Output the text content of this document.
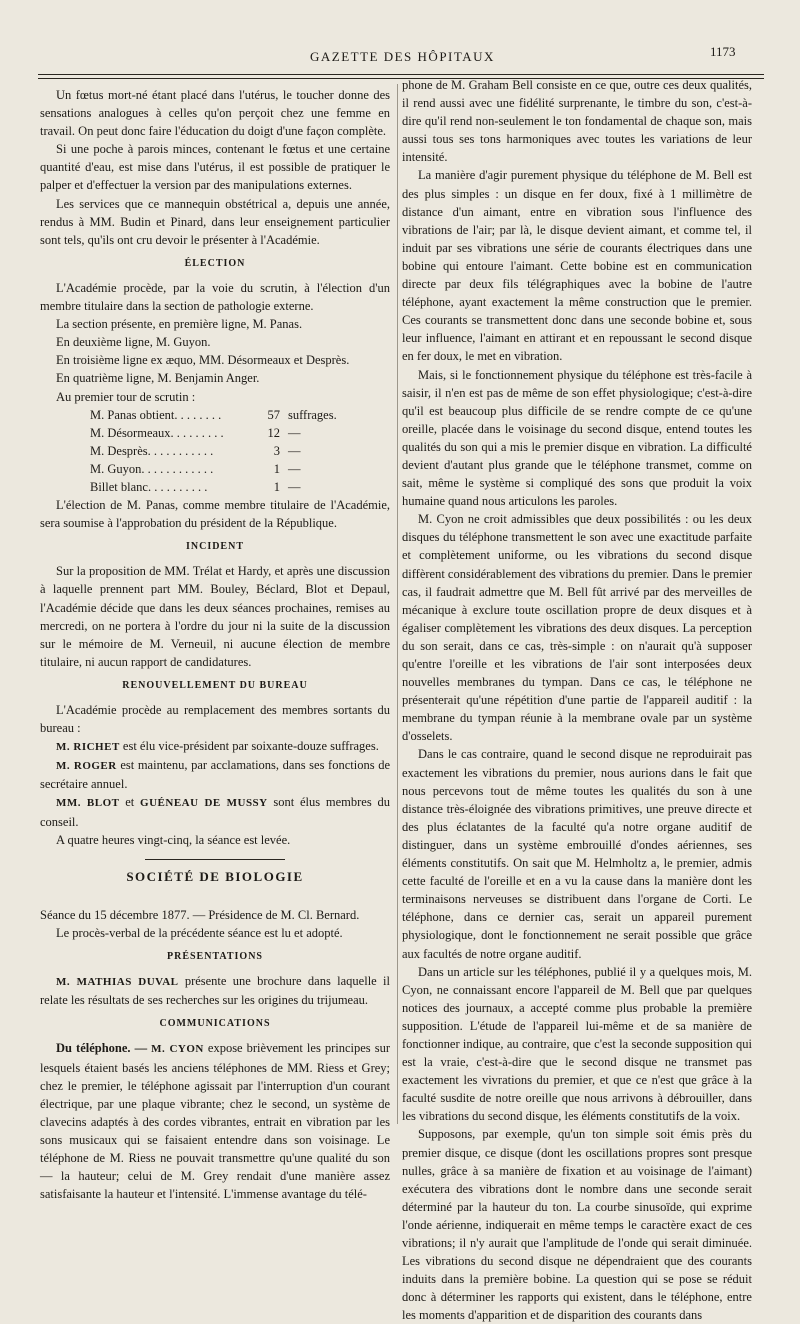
GAZETTE DES HÔPITAUX	1173

Un fœtus mort-né étant placé dans l'utérus, le toucher donne des sensations analogues à celles qu'on perçoit chez une femme en travail. On peut donc faire l'éducation du doigt d'une façon complète.

Si une poche à parois minces, contenant le fœtus et une certaine quantité d'eau, est mise dans l'utérus, il est possible de pratiquer le palper et d'effectuer la version par des manipulations externes.

Les services que ce mannequin obstétrical a, depuis une année, rendus à MM. Budin et Pinard, dans leur enseignement particulier sont tels, qu'ils ont cru devoir le présenter à l'Académie.

ÉLECTION

L'Académie procède, par la voie du scrutin, à l'élection d'un membre titulaire dans la section de pathologie externe.

La section présente, en première ligne, M. Panas.

En deuxième ligne, M. Guyon.

En troisième ligne ex æquo, MM. Désormeaux et Desprès.

En quatrième ligne, M. Benjamin Anger.

Au premier tour de scrutin :

M. Panas obtient. . . . . . . .	57 suffrages.
M. Désormeaux. . . . . . . . .	12 —
M. Desprès. . . . . . . . . . .	3 —
M. Guyon. . . . . . . . . . . .	1 —
Billet blanc. . . . . . . . . .	1 —

L'élection de M. Panas, comme membre titulaire de l'Académie, sera soumise à l'approbation du président de la République.

INCIDENT

Sur la proposition de MM. Trélat et Hardy, et après une discussion à laquelle prennent part MM. Bouley, Béclard, Blot et Depaul, l'Académie décide que dans les deux séances prochaines, remises au mercredi, on ne portera à l'ordre du jour ni la suite de la discussion sur le mémoire de M. Verneuil, ni aucune élection de membre titulaire, ni aucun rapport de candidatures.

RENOUVELLEMENT DU BUREAU

L'Académie procède au remplacement des membres sortants du bureau :

M. RICHET est élu vice-président par soixante-douze suffrages.

M. ROGER est maintenu, par acclamations, dans ses fonctions de secrétaire annuel.

MM. BLOT et GUÉNEAU DE MUSSY sont élus membres du conseil.

A quatre heures vingt-cinq, la séance est levée.

SOCIÉTÉ DE BIOLOGIE

Séance du 15 décembre 1877. — Présidence de M. Cl. Bernard.

Le procès-verbal de la précédente séance est lu et adopté.

PRÉSENTATIONS

M. MATHIAS DUVAL présente une brochure dans laquelle il relate les résultats de ses recherches sur les origines du trijumeau.

COMMUNICATIONS

Du téléphone. — M. CYON expose brièvement les principes sur lesquels étaient basés les anciens téléphones de MM. Riess et Grey; chez le premier, le téléphone agissait par l'interruption d'un courant électrique, par une plaque vibrante; chez le second, un système de clavecins adaptés à des cordes vibrantes, entrait en vibration par les sons musicaux qui se faisaient entendre dans son voisinage. Le téléphone de M. Riess ne pouvait transmettre qu'une qualité du son — la hauteur; celui de M. Grey rendait d'une manière assez satisfaisante la hauteur et l'intensité. L'immense avantage du télé-

phone de M. Graham Bell consiste en ce que, outre ces deux qualités, il rend aussi avec une fidélité surprenante, le timbre du son, c'est-à-dire qu'il rend non-seulement le ton fondamental de chaque son, mais aussi tous ses tons harmoniques avec toutes les variations de leur intensité.

La manière d'agir purement physique du téléphone de M. Bell est des plus simples : un disque en fer doux, fixé à 1 millimètre de distance d'un aimant, entre en vibration sous l'influence des vibrations de l'air; par là, le disque devient aimant, et comme tel, il induit par ses vibrations une série de courants électriques dans une bobine qui entoure l'aimant. Cette bobine est en communication directe par deux fils télégraphiques avec la bobine de l'autre téléphone, ayant exactement la même construction que le premier. Ces courants se transmettent donc dans une seconde bobine et, sous leur influence, l'aimant en attirant et en repoussant le second disque en fer doux, le met en vibration.

Mais, si le fonctionnement physique du téléphone est très-facile à saisir, il n'en est pas de même de son effet physiologique; c'est-à-dire qu'il est beaucoup plus difficile de se rendre compte de ce qu'une oreille, placée dans le voisinage du second disque, entend toutes les qualités du son qui a mis le premier disque en vibration. La difficulté devient d'autant plus grande que le téléphone transmet, comme on sait, même le système si compliqué des sons que produit la voix humaine quand nous articulons les paroles.

M. Cyon ne croit admissibles que deux possibilités : ou les deux disques du téléphone transmettent le son avec une exactitude parfaite et complètement uniforme, ou les vibrations du second disque diffèrent considérablement des vibrations du premier. Dans le premier cas, il faudrait admettre que M. Bell fût arrivé par des merveilles de mécanique à exclure toute oscillation propre de deux disques et à égaliser complètement les vibrations des deux disques. La perception du son serait, dans ce cas, très-simple : on n'aurait qu'à supposer qu'entre l'oreille et les vibrations de l'air sont interposées deux nouvelles membranes du tympan. Dans ce cas, le téléphone ne présenterait qu'une répétition d'une partie de l'appareil auditif : la membrane du tympan réunie à la membrane ovale par un système d'osselets.

Dans le cas contraire, quand le second disque ne reproduirait pas exactement les vibrations du premier, nous aurions dans le fait que nous percevons tout de même toutes les qualités du son à une distance très-éloignée des vibrations primitives, une preuve directe et des plus éclatantes de la faculté qu'a notre organe auditif de distinguer, dans un système embrouillé d'ondes aériennes, ses éléments constitutifs. On sait que M. Helmholtz a, le premier, admis cette faculté de l'oreille et en a vu la cause dans la manière dont les terminaisons nerveuses se distribuent dans l'organe de Corti. Le téléphone, dans ce dernier cas, serait un appareil purement physiologique, dont le fonctionnement ne serait possible que grâce aux facultés de notre organe auditif.

Dans un article sur les téléphones, publié il y a quelques mois, M. Cyon, ne connaissant encore l'appareil de M. Bell que par quelques notices des journaux, a accepté comme plus probable la première supposition. L'étude de l'appareil lui-même et de sa manière de fonctionner indique, au contraire, que c'est la seconde supposition qui est la vraie, c'est-à-dire que le second disque ne transmet pas exactement les vivrations du premier, et que ce n'est que grâce à la faculté susdite de notre oreille que nous arrivons à débrouiller, dans les vibrations du second disque, les éléments constitutifs de la voix.

Supposons, par exemple, qu'un ton simple soit émis près du premier disque, ce disque (dont les oscillations propres sont presque nulles, grâce à sa manière de fixation et au voisinage de l'aimant) exécutera des vibrations dont le nombre dans une seconde serait déterminé par la hauteur du ton. La courbe sinusoïde, qui exprime l'onde aérienne, indiquerait en même temps le caractère exact de ces vibrations; il n'y aurait que l'amplitude de l'onde qui serait diminuée. Les vibrations du second disque ne dépendraient que des courants induits dans la première bobine. La question qui se pose se réduit donc à déterminer les rapports qui existent, dans le téléphone, entre les moments d'apparition et de disparition des courants dans
